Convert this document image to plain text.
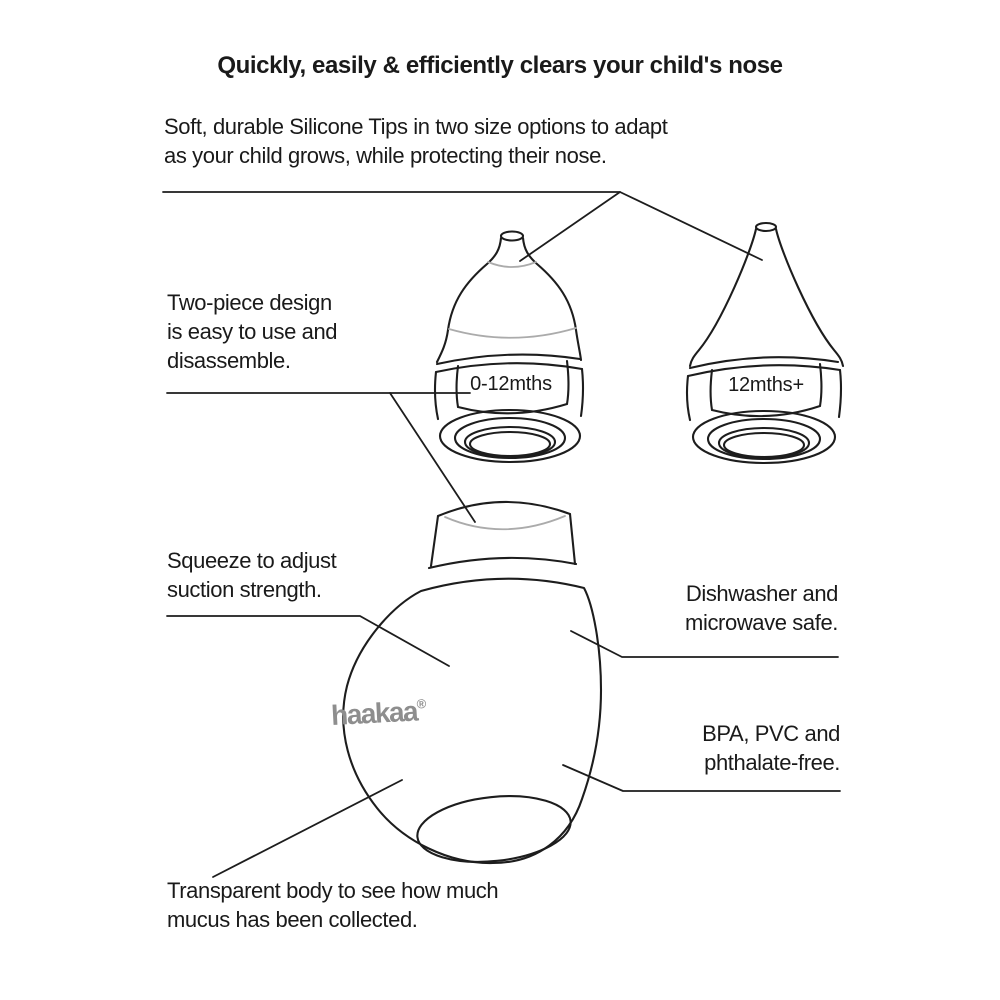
Quickly, easily & efficiently clears your child's nose
Soft, durable Silicone Tips in two size options to adapt
as your child grows, while protecting their nose.
Two-piece design
is easy to use and
disassemble.
Squeeze to adjust
suction strength.	Dishwasher and
microwave safe.
BPA, PVC and
phthalate-free.
Transparent body to see how much
mucus has been collected.
0-12mths	12mths+
haakaa®
